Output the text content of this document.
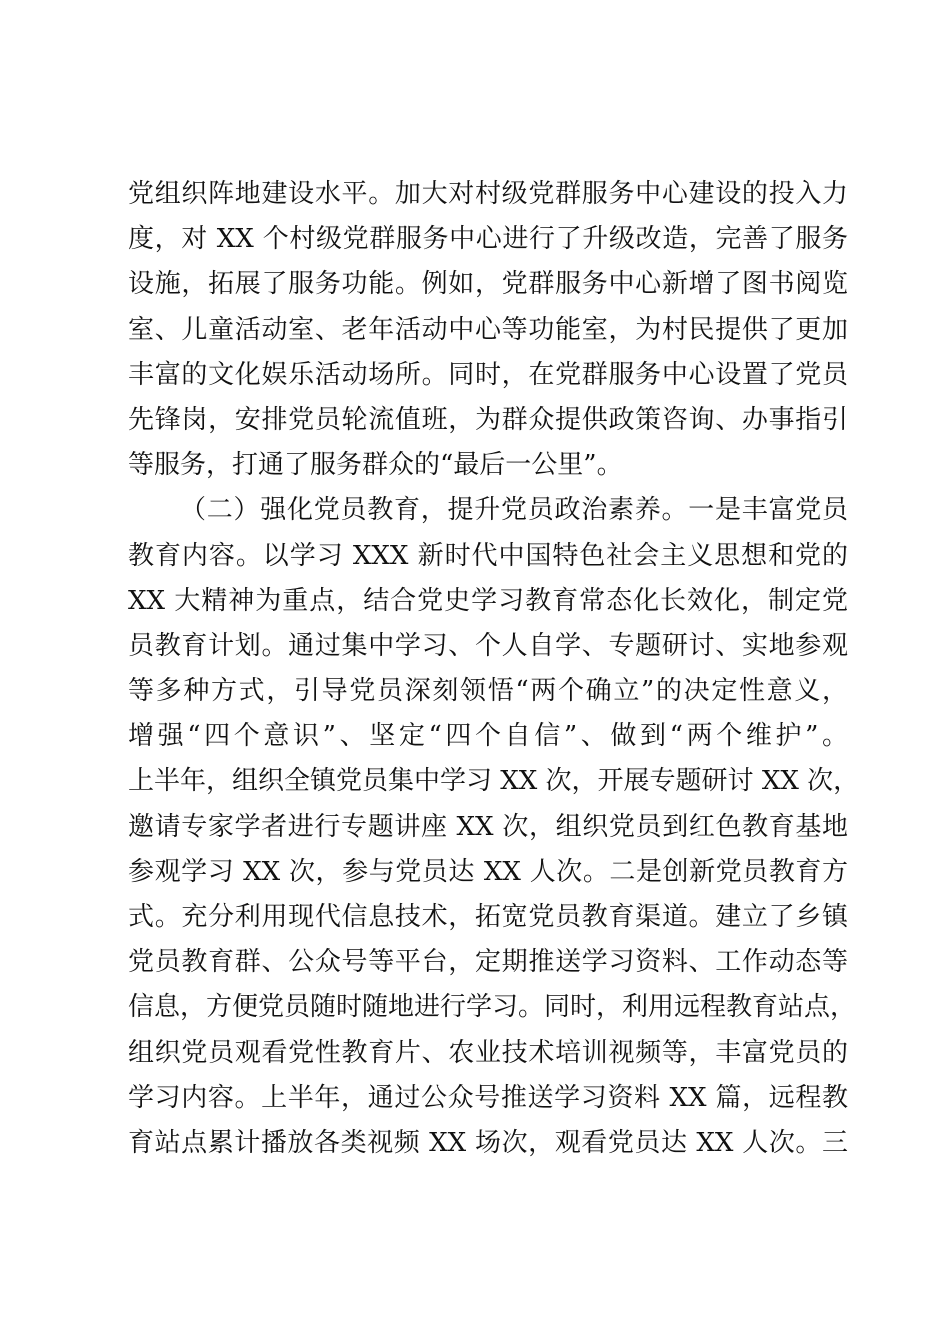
党组织阵地建设水平。加大对村级党群服务中心建设的投入力
度，对 XX 个村级党群服务中心进行了升级改造，完善了服务
设施，拓展了服务功能。例如，党群服务中心新增了图书阅览
室、儿童活动室、老年活动中心等功能室，为村民提供了更加
丰富的文化娱乐活动场所。同时，在党群服务中心设置了党员
先锋岗，安排党员轮流值班，为群众提供政策咨询、办事指引
等服务，打通了服务群众的“最后一公里”。
（二）强化党员教育，提升党员政治素养。一是丰富党员
教育内容。以学习 XXX 新时代中国特色社会主义思想和党的
XX 大精神为重点，结合党史学习教育常态化长效化，制定党
员教育计划。通过集中学习、个人自学、专题研讨、实地参观
等多种方式，引导党员深刻领悟“两个确立”的决定性意义，
增强“四个意识”、坚定“四个自信”、做到“两个维护”。
上半年，组织全镇党员集中学习 XX 次，开展专题研讨 XX 次，
邀请专家学者进行专题讲座 XX 次，组织党员到红色教育基地
参观学习 XX 次，参与党员达 XX 人次。二是创新党员教育方
式。充分利用现代信息技术，拓宽党员教育渠道。建立了乡镇
党员教育群、公众号等平台，定期推送学习资料、工作动态等
信息，方便党员随时随地进行学习。同时，利用远程教育站点，
组织党员观看党性教育片、农业技术培训视频等，丰富党员的
学习内容。上半年，通过公众号推送学习资料 XX 篇，远程教
育站点累计播放各类视频 XX 场次，观看党员达 XX 人次。三
